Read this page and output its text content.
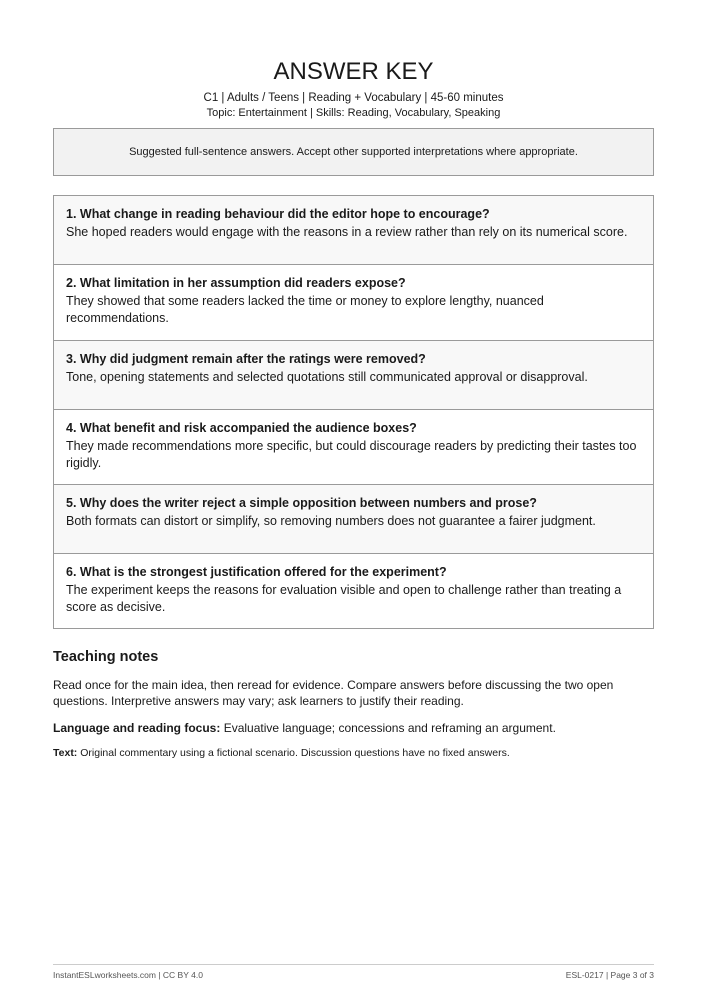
ANSWER KEY
C1 | Adults / Teens | Reading + Vocabulary | 45-60 minutes
Topic: Entertainment | Skills: Reading, Vocabulary, Speaking
Suggested full-sentence answers. Accept other supported interpretations where appropriate.
1. What change in reading behaviour did the editor hope to encourage?
She hoped readers would engage with the reasons in a review rather than rely on its numerical score.
2. What limitation in her assumption did readers expose?
They showed that some readers lacked the time or money to explore lengthy, nuanced recommendations.
3. Why did judgment remain after the ratings were removed?
Tone, opening statements and selected quotations still communicated approval or disapproval.
4. What benefit and risk accompanied the audience boxes?
They made recommendations more specific, but could discourage readers by predicting their tastes too rigidly.
5. Why does the writer reject a simple opposition between numbers and prose?
Both formats can distort or simplify, so removing numbers does not guarantee a fairer judgment.
6. What is the strongest justification offered for the experiment?
The experiment keeps the reasons for evaluation visible and open to challenge rather than treating a score as decisive.
Teaching notes
Read once for the main idea, then reread for evidence. Compare answers before discussing the two open questions. Interpretive answers may vary; ask learners to justify their reading.
Language and reading focus: Evaluative language; concessions and reframing an argument.
Text: Original commentary using a fictional scenario. Discussion questions have no fixed answers.
InstantESLworksheets.com | CC BY 4.0	ESL-0217 | Page 3 of 3
